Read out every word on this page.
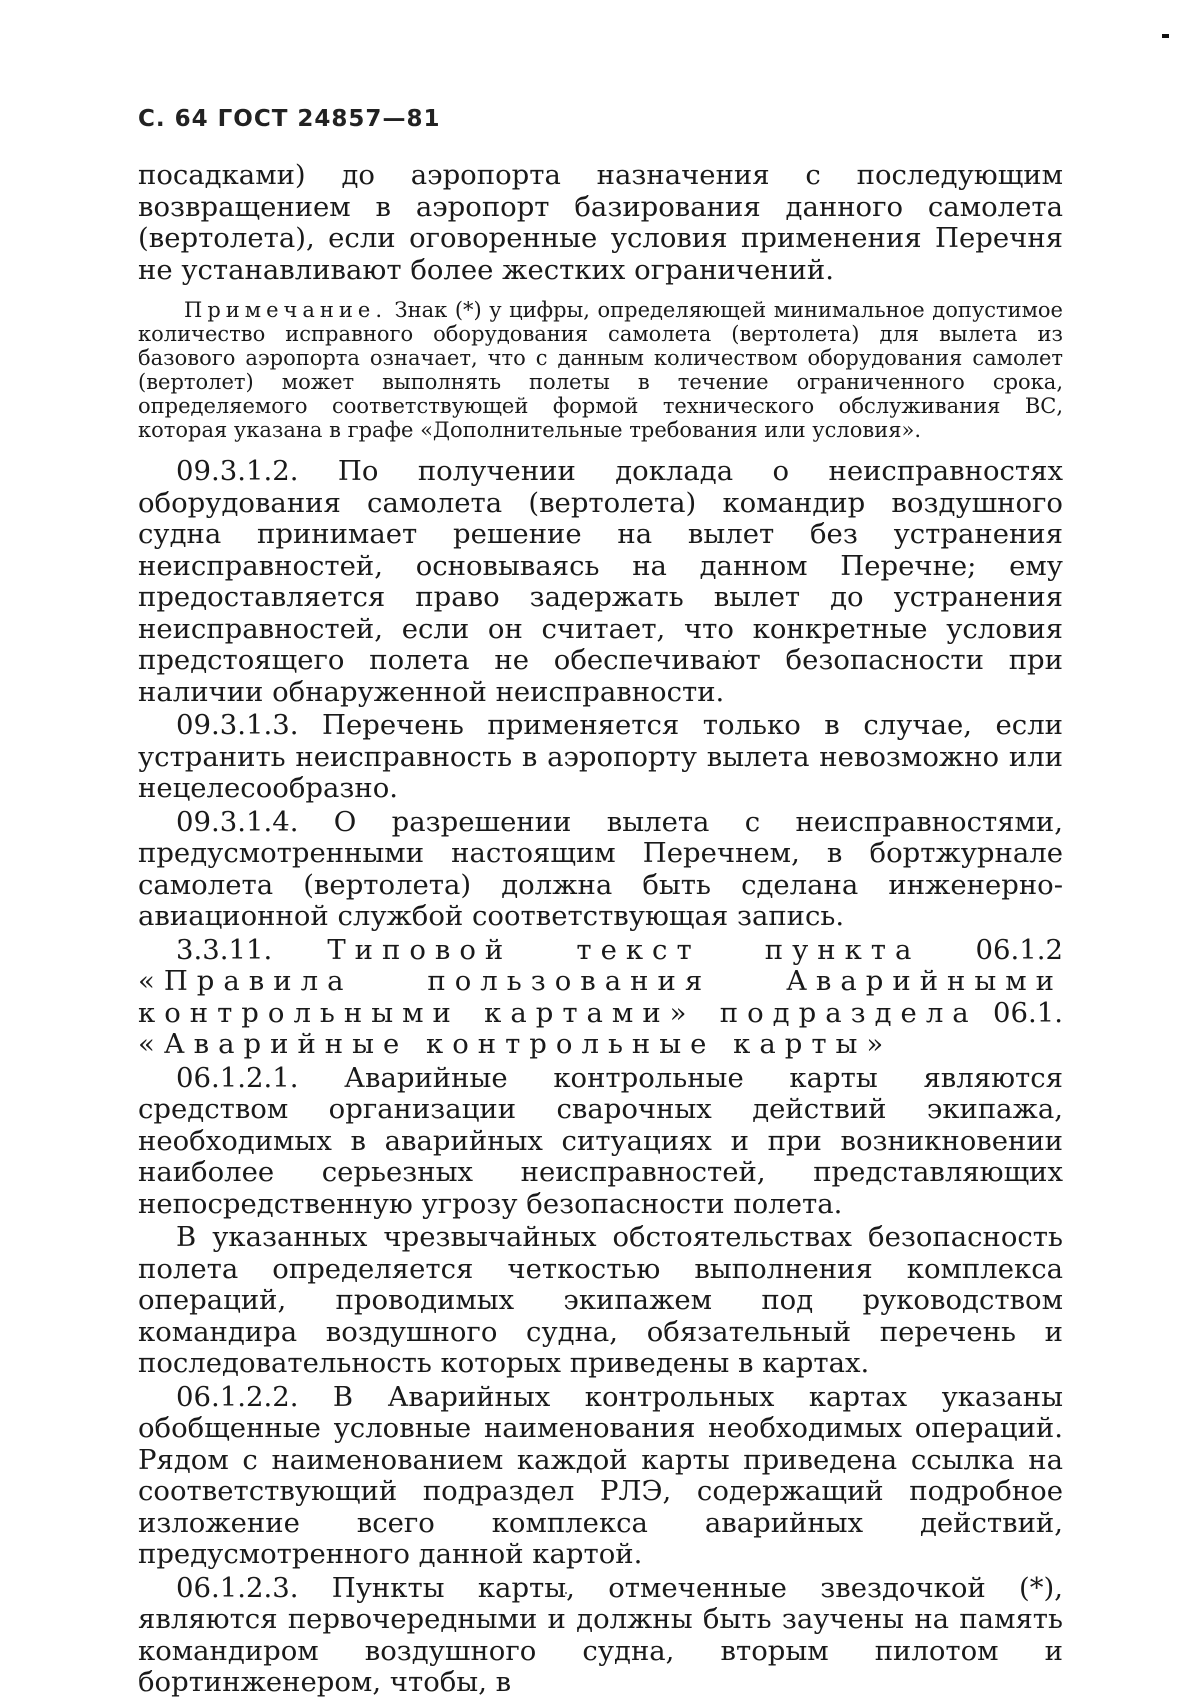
С. 64 ГОСТ 24857—81

посадками) до аэропорта назначения с последующим возвращением в аэропорт базирования данного самолета (вертолета), если оговоренные условия применения Перечня не устанавливают более жестких ограничений.

Примечание. Знак (*) у цифры, определяющей минимальное допустимое количество исправного оборудования самолета (вертолета) для вылета из базового аэропорта означает, что с данным количеством оборудования самолет (вертолет) может выполнять полеты в течение ограниченного срока, определяемого соответствующей формой технического обслуживания ВС, которая указана в графе «Дополнительные требования или условия».

09.3.1.2. По получении доклада о неисправностях оборудования самолета (вертолета) командир воздушного судна принимает решение на вылет без устранения неисправностей, основываясь на данном Перечне; ему предоставляется право задержать вылет до устранения неисправностей, если он считает, что конкретные условия предстоящего полета не обеспечивают безопасности при наличии обнаруженной неисправности.

09.3.1.3. Перечень применяется только в случае, если устранить неисправность в аэропорту вылета невозможно или нецелесообразно.

09.3.1.4. О разрешении вылета с неисправностями, предусмотренными настоящим Перечнем, в бортжурнале самолета (вертолета) должна быть сделана инженерно-авиационной службой соответствующая запись.

3.3.11. Типовой текст пункта 06.1.2 «Правила пользования Аварийными контрольными картами» подраздела 06.1. «Аварийные контрольные карты»

06.1.2.1. Аварийные контрольные карты являются средством организации сварочных действий экипажа, необходимых в аварийных ситуациях и при возникновении наиболее серьезных неисправностей, представляющих непосредственную угрозу безопасности полета.

В указанных чрезвычайных обстоятельствах безопасность полета определяется четкостью выполнения комплекса операций, проводимых экипажем под руководством командира воздушного судна, обязательный перечень и последовательность которых приведены в картах.

06.1.2.2. В Аварийных контрольных картах указаны обобщенные условные наименования необходимых операций. Рядом с наименованием каждой карты приведена ссылка на соответствующий подраздел РЛЭ, содержащий подробное изложение всего комплекса аварийных действий, предусмотренного данной картой.

06.1.2.3. Пункты карты, отмеченные звездочкой (*), являются первочередными и должны быть заучены на память командиром воздушного судна, вторым пилотом и бортинженером, чтобы, в
